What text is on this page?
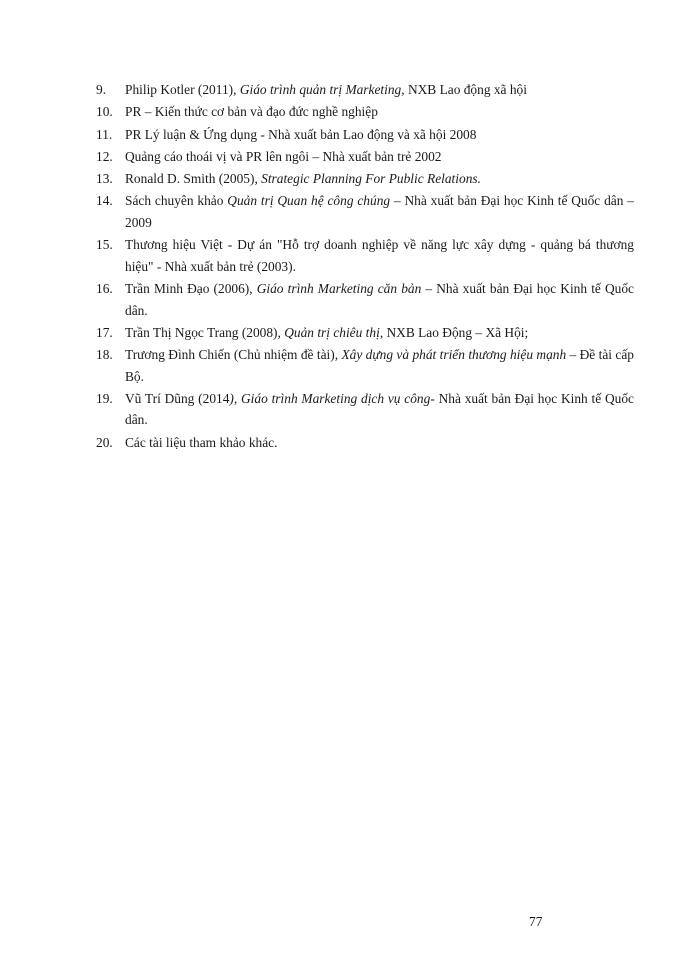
9. Philip Kotler (2011), Giáo trình quản trị Marketing, NXB Lao động xã hội
10. PR – Kiến thức cơ bản và đạo đức nghề nghiệp
11. PR Lý luận & Ứng dụng - Nhà xuất bản Lao động và xã hội 2008
12. Quảng cáo thoái vị và PR lên ngôi – Nhà xuất bản trẻ 2002
13. Ronald D. Smith (2005), Strategic Planning For Public Relations.
14. Sách chuyên khảo Quản trị Quan hệ công chúng – Nhà xuất bản Đại học Kinh tế Quốc dân – 2009
15. Thương hiệu Việt - Dự án "Hỗ trợ doanh nghiệp về năng lực xây dựng - quảng bá thương hiệu" - Nhà xuất bản trẻ (2003).
16. Trần Minh Đạo (2006), Giáo trình Marketing căn bản – Nhà xuất bản Đại học Kinh tế Quốc dân.
17. Trần Thị Ngọc Trang (2008), Quản trị chiêu thị, NXB Lao Động – Xã Hội;
18. Trương Đình Chiến (Chủ nhiệm đề tài), Xây dựng và phát triển thương hiệu mạnh – Đề tài cấp Bộ.
19. Vũ Trí Dũng (2014), Giáo trình Marketing dịch vụ công- Nhà xuất bản Đại học Kinh tế Quốc dân.
20. Các tài liệu tham khảo khác.
77
